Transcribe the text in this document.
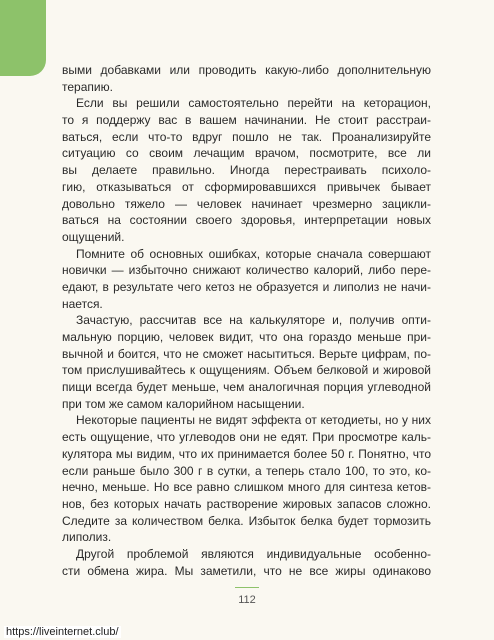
выми добавками или проводить какую-либо дополнительную
терапию.

Если вы решили самостоятельно перейти на кеторацион,
то я поддержу вас в вашем начинании. Не стоит расстраи-
ваться, если что-то вдруг пошло не так. Проанализируйте
ситуацию со своим лечащим врачом, посмотрите, все ли
вы делаете правильно. Иногда перестраивать психоло-
гию, отказываться от сформировавшихся привычек бывает
довольно тяжело — человек начинает чрезмерно зацикли-
ваться на состоянии своего здоровья, интерпретации новых
ощущений.

Помните об основных ошибках, которые сначала совершают
новички — избыточно снижают количество калорий, либо пере-
едают, в результате чего кетоз не образуется и липолиз не начи-
нается.

Зачастую, рассчитав все на калькуляторе и, получив опти-
мальную порцию, человек видит, что она гораздо меньше при-
вычной и боится, что не сможет насытиться. Верьте цифрам, по-
том прислушивайтесь к ощущениям. Объем белковой и жировой
пищи всегда будет меньше, чем аналогичная порция углеводной
при том же самом калорийном насыщении.

Некоторые пациенты не видят эффекта от кетодиеты, но у них
есть ощущение, что углеводов они не едят. При просмотре каль-
кулятора мы видим, что их принимается более 50 г. Понятно, что
если раньше было 300 г в сутки, а теперь стало 100, то это, ко-
нечно, меньше. Но все равно слишком много для синтеза кетов-
нов, без которых начать растворение жировых запасов сложно.
Следите за количеством белка. Избыток белка будет тормозить
липолиз.

Другой проблемой являются индивидуальные особенно-
сти обмена жира. Мы заметили, что не все жиры одинаково

112
https://liveinternet.club/
